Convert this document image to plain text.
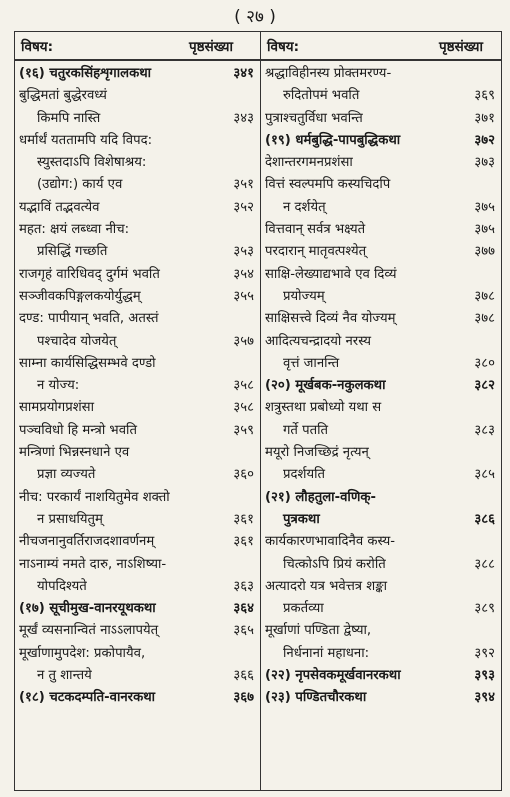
( २७ )
विषय:	पृष्ठसंख्या	विषय:	पृष्ठसंख्या
(१६) चतुरकसिंहशृगालकथा	३४१
बुद्धिमतां बुद्धेरवध्यं
किमपि नास्ति	३४३
धर्मार्थं यततामपि यदि विपद:
स्युस्तदाऽपि विशेषाश्रय:
(उद्योग:) कार्य एव	३५१
यद्भाविं तद्भवत्येव	३५२
महत: क्षयं लब्ध्वा नीच:
प्रसिद्धिं गच्छति	३५३
राजगृहं वारिधिवद् दुर्गमं भवति	३५४
सञ्जीवकपिङ्गलकयोर्युद्धम्	३५५
दण्ड: पापीयान् भवति, अतस्तं
पश्चादेव योजयेत्	३५७
साम्ना कार्यसिद्धिसम्भवे दण्डो
न योज्य:	३५८
सामप्रयोगप्रशंसा	३५८
पञ्चविधो हि मन्त्रो भवति	३५९
मन्त्रिणां भिन्नस्नधाने एव
प्रज्ञा व्यज्यते	३६०
नीच: परकार्यं नाशयितुमेव शक्तो
न प्रसाधयितुम्	३६१
नीचजनानुवर्तिराजदशावर्णनम्	३६१
नाऽनाम्यं नमते दारु, नाऽशिष्या-
योपदिश्यते	३६३
(१७) सूचीमुख-वानरयूथकथा	३६४
मूर्खं व्यसनान्वितं नाऽऽलापयेत्	३६५
मूर्खाणामुपदेश: प्रकोपायैव,
न तु शान्तये	३६६
(१८) चटकदम्पति-वानरकथा	३६७
श्रद्धाविहीनस्य प्रोक्तमरण्य-
रुदितोपमं भवति	३६९
पुत्राश्चतुर्विधा भवन्ति	३७१
(१९) धर्मबुद्धि-पापबुद्धिकथा	३७२
देशान्तरगमनप्रशंसा	३७३
वित्तं स्वल्पमपि कस्यचिदपि
न दर्शयेत्	३७५
वित्तवान् सर्वत्र भक्ष्यते	३७५
परदारान् मातृवत्पश्येत्	३७७
साक्षि-लेख्याद्यभावे एव दिव्यं
प्रयोज्यम्	३७८
साक्षिसत्त्वे दिव्यं नैव योज्यम्	३७८
आदित्यचन्द्रादयो नरस्य
वृत्तं जानन्ति	३८०
(२०) मूर्खबक-नकुलकथा	३८२
शत्रुस्तथा प्रबोध्यो यथा स
गर्ते पतति	३८३
मयूरो निजच्छिद्रं नृत्यन्
प्रदर्शयति	३८५
(२१) लौहतुला-वणिक्-
पुत्रकथा	३८६
कार्यकारणभावादिनैव कस्य-
चित्कोऽपि प्रियं करोति	३८८
अत्यादरो यत्र भवेत्तत्र शङ्का
प्रकर्तव्या	३८९
मूर्खाणां पण्डिता द्वेष्या,
निर्धनानां महाधना:	३९२
(२२) नृपसेवकमूर्खवानरकथा	३९३
(२३) पण्डितचौरकथा	३९४
